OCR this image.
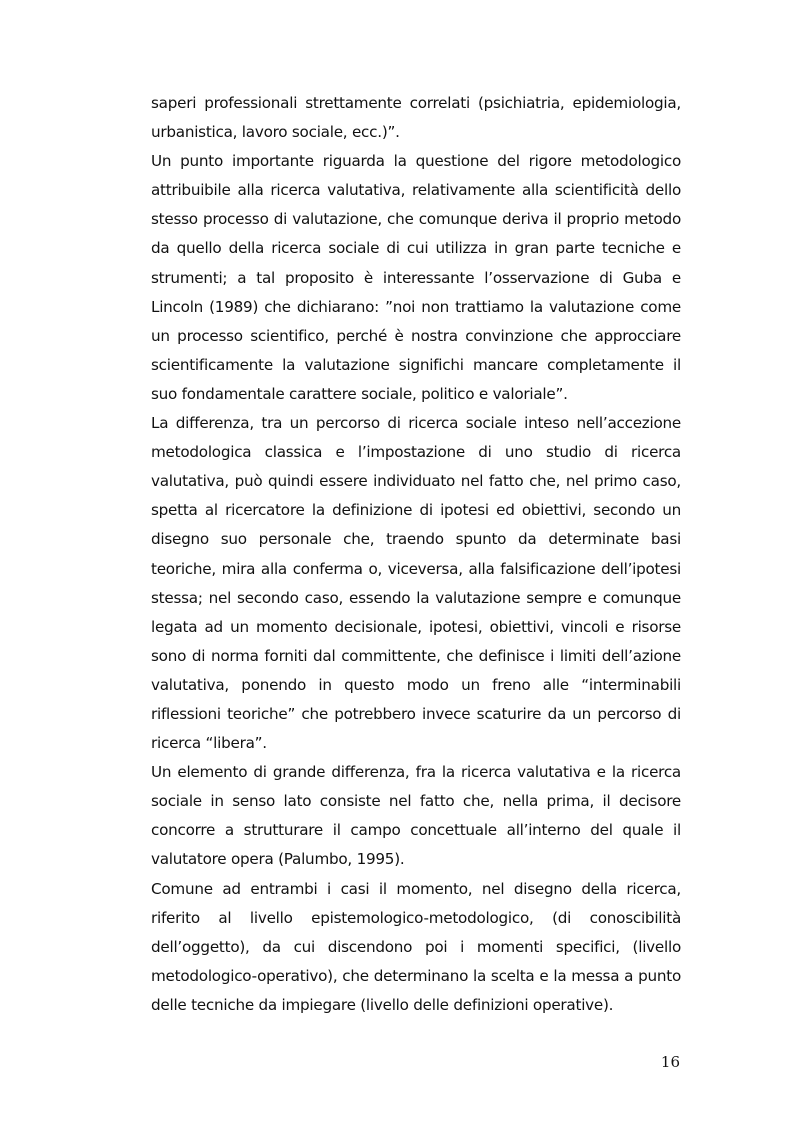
saperi professionali strettamente correlati (psichiatria, epidemiologia, urbanistica, lavoro sociale, ecc.)”.

Un punto importante riguarda la questione del rigore metodologico attribuibile alla ricerca valutativa, relativamente alla scientificità dello stesso processo di valutazione, che comunque deriva il proprio metodo da quello della ricerca sociale di cui utilizza in gran parte tecniche e strumenti; a tal proposito è interessante l’osservazione di Guba e Lincoln (1989) che dichiarano: ”noi non trattiamo la valutazione come un processo scientifico, perché è nostra convinzione che approcciare scientificamente la valutazione significhi mancare completamente il suo fondamentale carattere sociale, politico e valoriale”.

La differenza, tra un percorso di ricerca sociale inteso nell’accezione metodologica classica e l’impostazione di uno studio di ricerca valutativa, può quindi essere individuato nel fatto che, nel primo caso, spetta al ricercatore la definizione di ipotesi ed obiettivi, secondo un disegno suo personale che, traendo spunto da determinate basi teoriche, mira alla conferma o, viceversa, alla falsificazione dell’ipotesi stessa; nel secondo caso, essendo la valutazione sempre e comunque legata ad un momento decisionale, ipotesi, obiettivi, vincoli e risorse sono di norma forniti dal committente, che definisce i limiti dell’azione valutativa, ponendo in questo modo un freno alle “interminabili riflessioni teoriche” che potrebbero invece scaturire da un percorso di ricerca “libera”.

Un elemento di grande differenza, fra la ricerca valutativa e la ricerca sociale in senso lato consiste nel fatto che, nella prima, il decisore concorre a strutturare il campo concettuale all’interno del quale il valutatore opera (Palumbo, 1995).

Comune ad entrambi i casi il momento, nel disegno della ricerca, riferito al livello epistemologico-metodologico, (di conoscibilità dell’oggetto), da cui discendono poi i momenti specifici, (livello metodologico-operativo), che determinano la scelta e la messa a punto delle tecniche da impiegare (livello delle definizioni operative).

16
